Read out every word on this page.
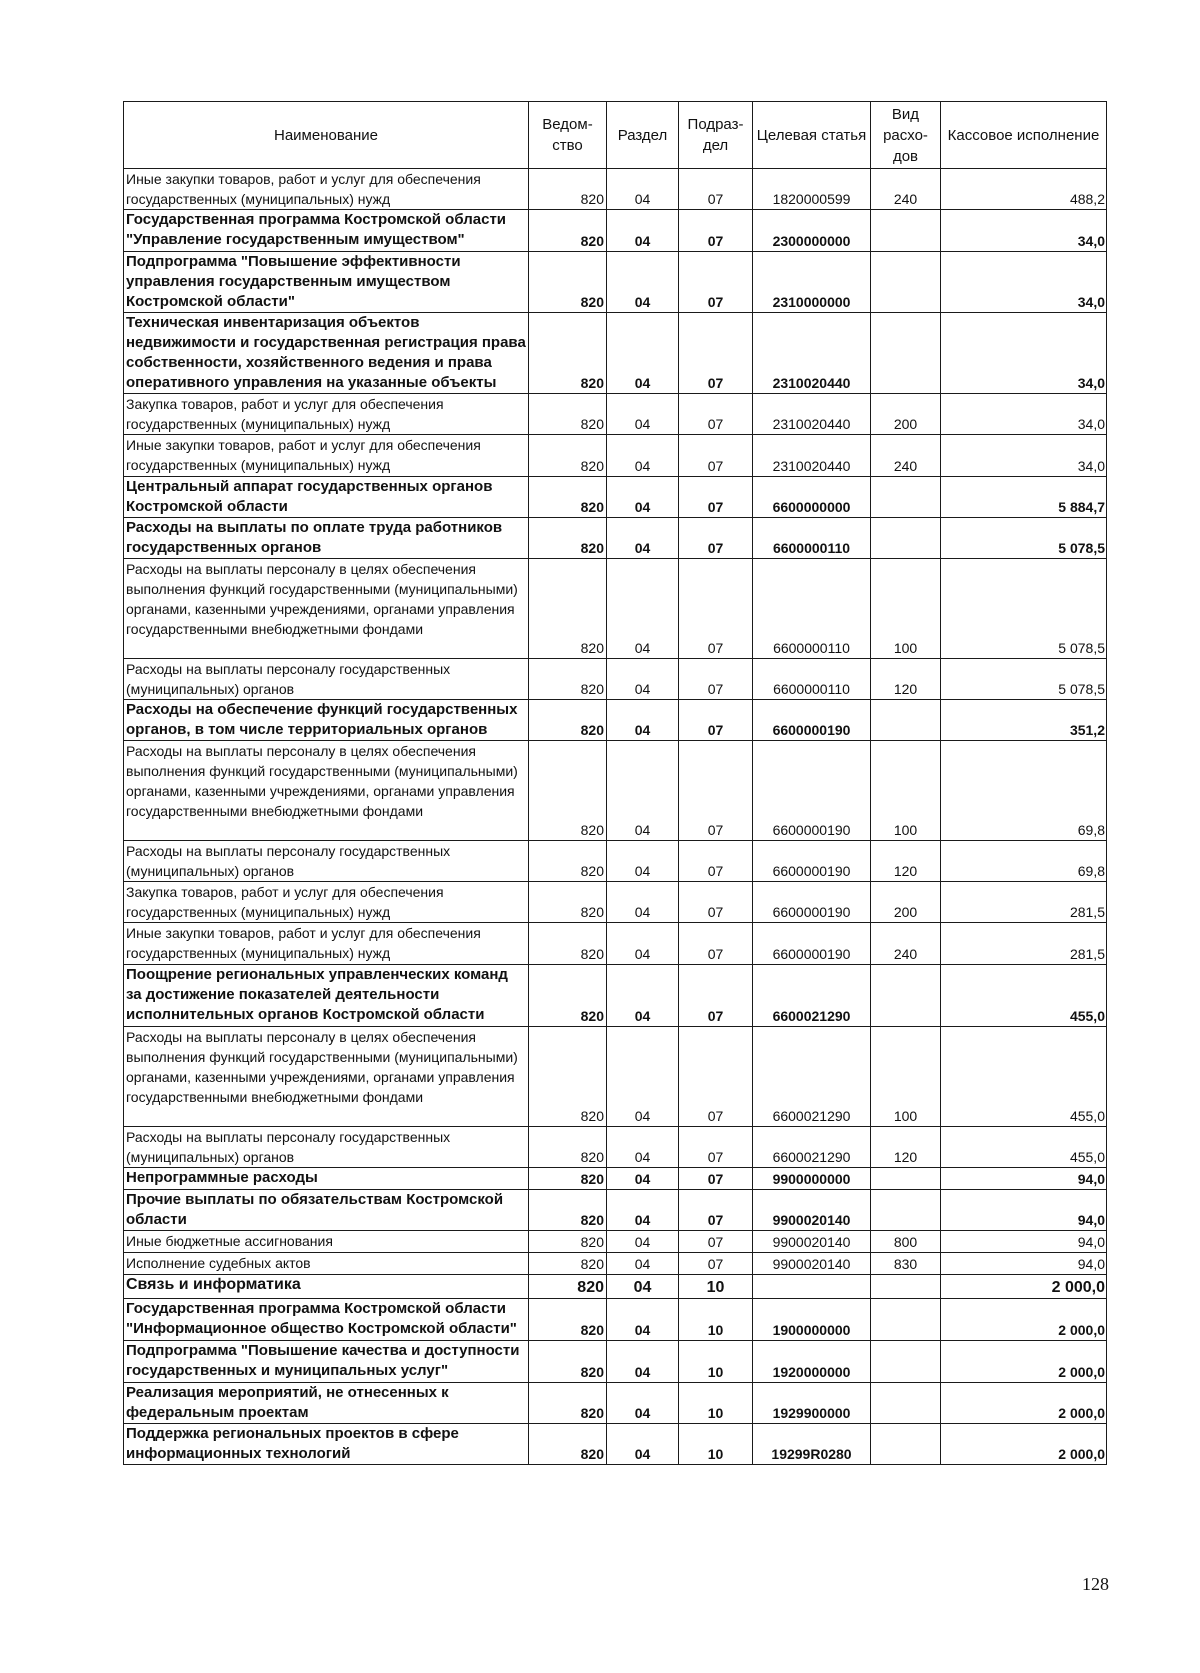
Наименование	Ведом-ство	Раздел	Подраз-дел	Целевая статья	Вид расхо-дов	Кассовое исполнение
Иные закупки товаров, работ и услуг для обеспечения государственных (муниципальных) нужд	820	04	07	1820000599	240	488,2
Государственная программа Костромской области "Управление государственным имуществом"	820	04	07	2300000000		34,0
Подпрограмма "Повышение эффективности управления государственным имуществом Костромской области"	820	04	07	2310000000		34,0
Техническая инвентаризация объектов недвижимости и государственная регистрация права собственности, хозяйственного ведения и права оперативного управления на указанные объекты	820	04	07	2310020440		34,0
Закупка товаров, работ и услуг для обеспечения государственных (муниципальных) нужд	820	04	07	2310020440	200	34,0
Иные закупки товаров, работ и услуг для обеспечения государственных (муниципальных) нужд	820	04	07	2310020440	240	34,0
Центральный аппарат государственных органов Костромской области	820	04	07	6600000000		5 884,7
Расходы на выплаты по оплате труда работников государственных органов	820	04	07	6600000110		5 078,5
Расходы на выплаты персоналу в целях обеспечения выполнения функций государственными (муниципальными) органами, казенными учреждениями, органами управления государственными внебюджетными фондами	820	04	07	6600000110	100	5 078,5
Расходы на выплаты персоналу государственных (муниципальных) органов	820	04	07	6600000110	120	5 078,5
Расходы на обеспечение функций государственных органов, в том числе территориальных органов	820	04	07	6600000190		351,2
Расходы на выплаты персоналу в целях обеспечения выполнения функций государственными (муниципальными) органами, казенными учреждениями, органами управления государственными внебюджетными фондами	820	04	07	6600000190	100	69,8
Расходы на выплаты персоналу государственных (муниципальных) органов	820	04	07	6600000190	120	69,8
Закупка товаров, работ и услуг для обеспечения государственных (муниципальных) нужд	820	04	07	6600000190	200	281,5
Иные закупки товаров, работ и услуг для обеспечения государственных (муниципальных) нужд	820	04	07	6600000190	240	281,5
Поощрение региональных управленческих команд за достижение показателей деятельности исполнительных органов Костромской области	820	04	07	6600021290		455,0
Расходы на выплаты персоналу в целях обеспечения выполнения функций государственными (муниципальными) органами, казенными учреждениями, органами управления государственными внебюджетными фондами	820	04	07	6600021290	100	455,0
Расходы на выплаты персоналу государственных (муниципальных) органов	820	04	07	6600021290	120	455,0
Непрограммные расходы	820	04	07	9900000000		94,0
Прочие выплаты по обязательствам Костромской области	820	04	07	9900020140		94,0
Иные бюджетные ассигнования	820	04	07	9900020140	800	94,0
Исполнение судебных актов	820	04	07	9900020140	830	94,0
Связь и информатика	820	04	10			2 000,0
Государственная программа Костромской области "Информационное общество Костромской области"	820	04	10	1900000000		2 000,0
Подпрограмма "Повышение качества и доступности государственных и муниципальных услуг"	820	04	10	1920000000		2 000,0
Реализация мероприятий, не отнесенных к федеральным проектам	820	04	10	1929900000		2 000,0
Поддержка региональных проектов в сфере информационных технологий	820	04	10	19299R0280		2 000,0
128
